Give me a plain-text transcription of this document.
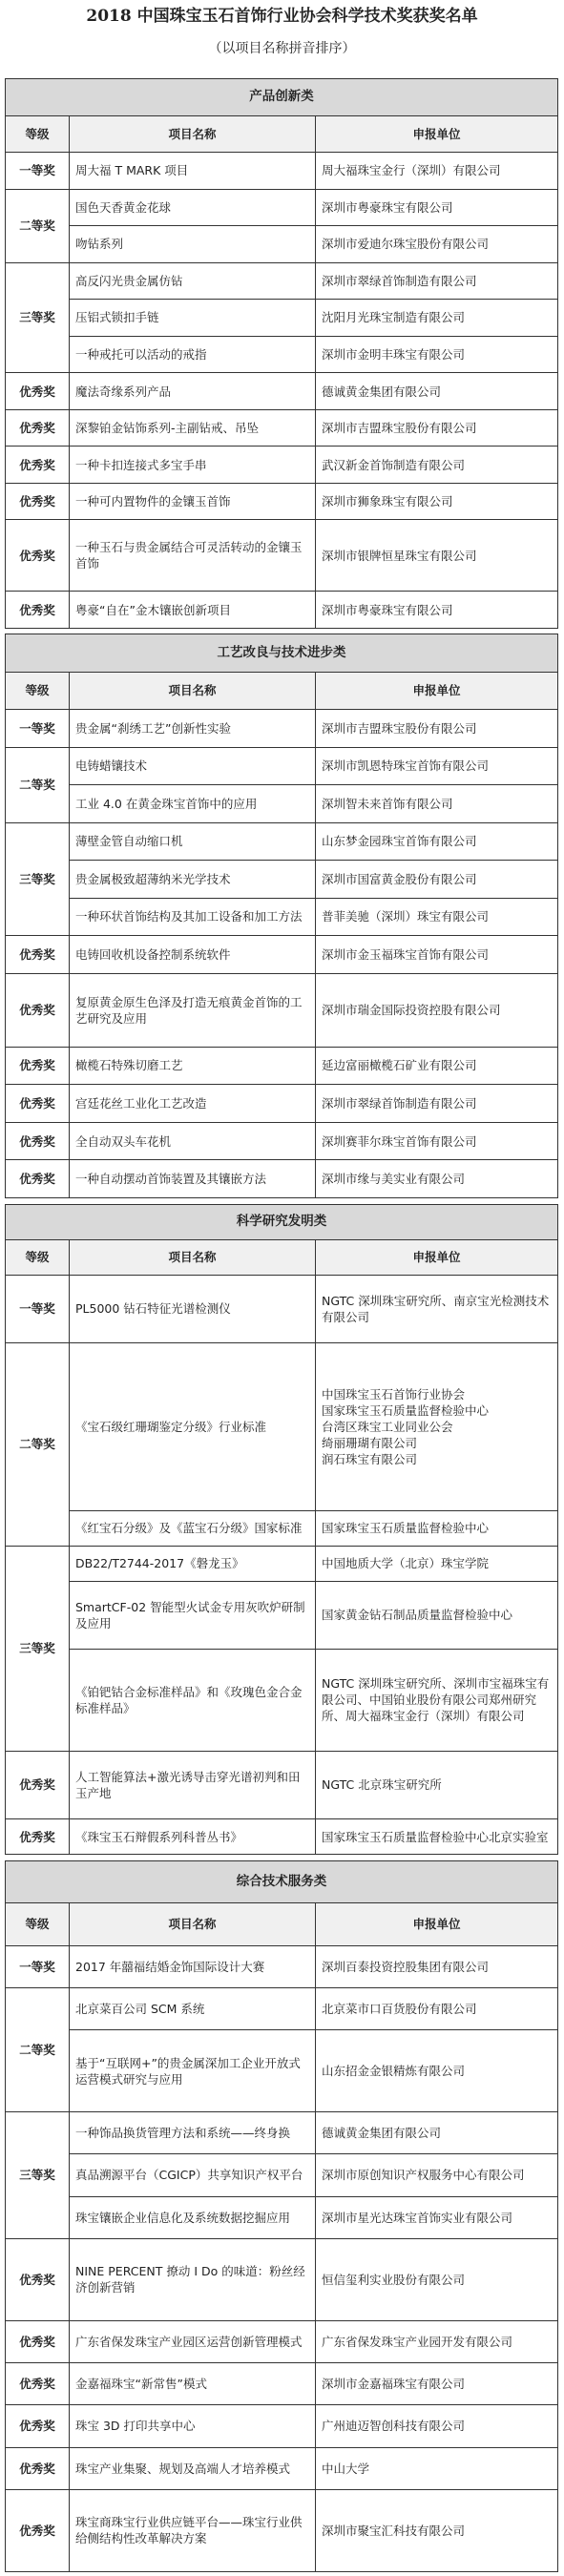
2018 中国珠宝玉石首饰行业协会科学技术奖获奖名单
（以项目名称拼音排序）
产品创新类		
等级	项目名称	申报单位
一等奖	周大福 T MARK 项目	周大福珠宝金行（深圳）有限公司
二等奖	国色天香黄金花球	深圳市粤豪珠宝有限公司
	吻钻系列	深圳市爱迪尔珠宝股份有限公司
三等奖	高反闪光贵金属仿钻	深圳市翠绿首饰制造有限公司
	压铝式锁扣手链	沈阳月光珠宝制造有限公司
	一种戒托可以活动的戒指	深圳市金明丰珠宝有限公司
优秀奖	魔法奇缘系列产品	德诚黄金集团有限公司
优秀奖	深黎铂金钻饰系列-主副钻戒、吊坠	深圳市吉盟珠宝股份有限公司
优秀奖	一种卡扣连接式多宝手串	武汉新金首饰制造有限公司
优秀奖	一种可内置物件的金镶玉首饰	深圳市狮象珠宝有限公司
优秀奖	一种玉石与贵金属结合可灵活转动的金镶玉首饰	深圳市银牌恒星珠宝有限公司
优秀奖	粤豪“自在”金木镶嵌创新项目	深圳市粤豪珠宝有限公司
工艺改良与技术进步类		
等级	项目名称	申报单位
一等奖	贵金属“刹绣工艺”创新性实验	深圳市吉盟珠宝股份有限公司
二等奖	电铸蜡镶技术	深圳市凯恩特珠宝首饰有限公司
	工业 4.0 在黄金珠宝首饰中的应用	深圳智未来首饰有限公司
三等奖	薄壁金管自动缩口机	山东梦金园珠宝首饰有限公司
	贵金属极致超薄纳米光学技术	深圳市国富黄金股份有限公司
	一种环状首饰结构及其加工设备和加工方法	普菲美驰（深圳）珠宝有限公司
优秀奖	电铸回收机设备控制系统软件	深圳市金玉福珠宝首饰有限公司
优秀奖	复原黄金原生色泽及打造无痕黄金首饰的工艺研究及应用	深圳市瑞金国际投资控股有限公司
优秀奖	橄榄石特殊切磨工艺	延边富丽橄榄石矿业有限公司
优秀奖	宫廷花丝工业化工艺改造	深圳市翠绿首饰制造有限公司
优秀奖	全自动双头车花机	深圳赛菲尔珠宝首饰有限公司
优秀奖	一种自动摆动首饰装置及其镶嵌方法	深圳市缘与美实业有限公司
科学研究发明类		
等级	项目名称	申报单位
一等奖	PL5000 钻石特征光谱检测仪	NGTC 深圳珠宝研究所、南京宝光检测技术有限公司
二等奖	《宝石级红珊瑚鉴定分级》行业标准	中国珠宝玉石首饰行业协会
国家珠宝玉石质量监督检验中心
台湾区珠宝工业同业公会
绮丽珊瑚有限公司
润石珠宝有限公司
	《红宝石分级》及《蓝宝石分级》国家标准	国家珠宝玉石质量监督检验中心
三等奖	DB22/T2744-2017《磐龙玉》	中国地质大学（北京）珠宝学院
	SmartCF-02 智能型火试金专用灰吹炉研制及应用	国家黄金钻石制品质量监督检验中心
	《铂钯钴合金标准样品》和《玫瑰色金合金标准样品》	NGTC 深圳珠宝研究所、深圳市宝福珠宝有限公司、中国铂业股份有限公司郑州研究所、周大福珠宝金行（深圳）有限公司
优秀奖	人工智能算法+激光诱导击穿光谱初判和田玉产地	NGTC 北京珠宝研究所
优秀奖	《珠宝玉石辩假系列科普丛书》	国家珠宝玉石质量监督检验中心北京实验室
综合技术服务类		
等级	项目名称	申报单位
一等奖	2017 年囍福结婚金饰国际设计大赛	深圳百泰投资控股集团有限公司
二等奖	北京菜百公司 SCM 系统	北京菜市口百货股份有限公司
	基于“互联网+”的贵金属深加工企业开放式运营模式研究与应用	山东招金金银精炼有限公司
三等奖	一种饰品换货管理方法和系统——终身换	德诚黄金集团有限公司
	真品溯源平台（CGICP）共享知识产权平台	深圳市原创知识产权服务中心有限公司
	珠宝镶嵌企业信息化及系统数据挖掘应用	深圳市星光达珠宝首饰实业有限公司
优秀奖	NINE PERCENT 撩动 I Do 的味道：粉丝经济创新营销	恒信玺利实业股份有限公司
优秀奖	广东省保发珠宝产业园区运营创新管理模式	广东省保发珠宝产业园开发有限公司
优秀奖	金嘉福珠宝“新常售”模式	深圳市金嘉福珠宝有限公司
优秀奖	珠宝 3D 打印共享中心	广州迪迈智创科技有限公司
优秀奖	珠宝产业集聚、规划及高端人才培养模式	中山大学
优秀奖	珠宝商珠宝行业供应链平台——珠宝行业供给侧结构性改革解决方案	深圳市聚宝汇科技有限公司
